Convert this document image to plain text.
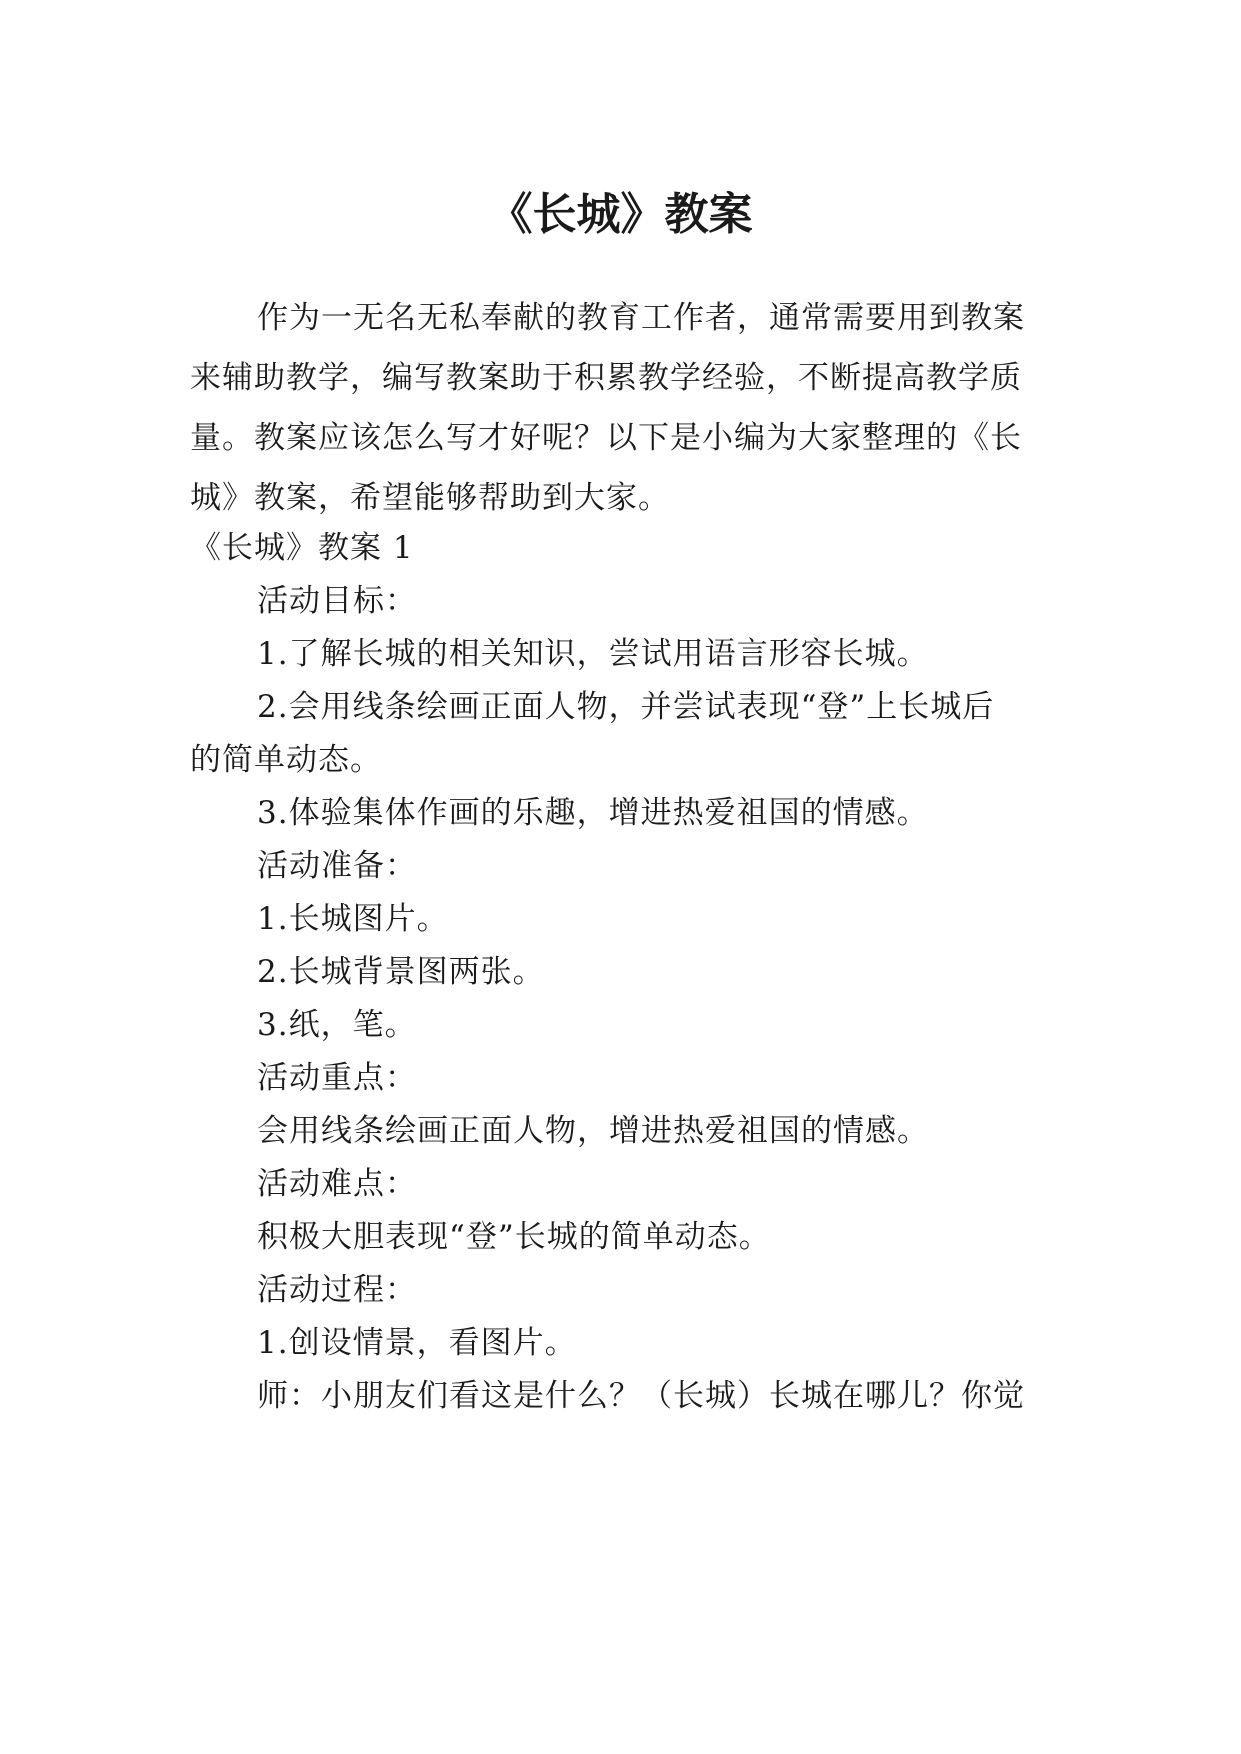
《长城》教案

作为一无名无私奉献的教育工作者，通常需要用到教案来辅助教学，编写教案助于积累教学经验，不断提高教学质量。教案应该怎么写才好呢？以下是小编为大家整理的《长城》教案，希望能够帮助到大家。

《长城》教案 1

活动目标：

1.了解长城的相关知识，尝试用语言形容长城。

2.会用线条绘画正面人物，并尝试表现“登”上长城后

的简单动态。

3.体验集体作画的乐趣，增进热爱祖国的情感。

活动准备：

1.长城图片。

2.长城背景图两张。

3.纸，笔。

活动重点：

会用线条绘画正面人物，增进热爱祖国的情感。

活动难点：

积极大胆表现“登”长城的简单动态。

活动过程：

1.创设情景，看图片。

师：小朋友们看这是什么？（长城）长城在哪儿？你觉
